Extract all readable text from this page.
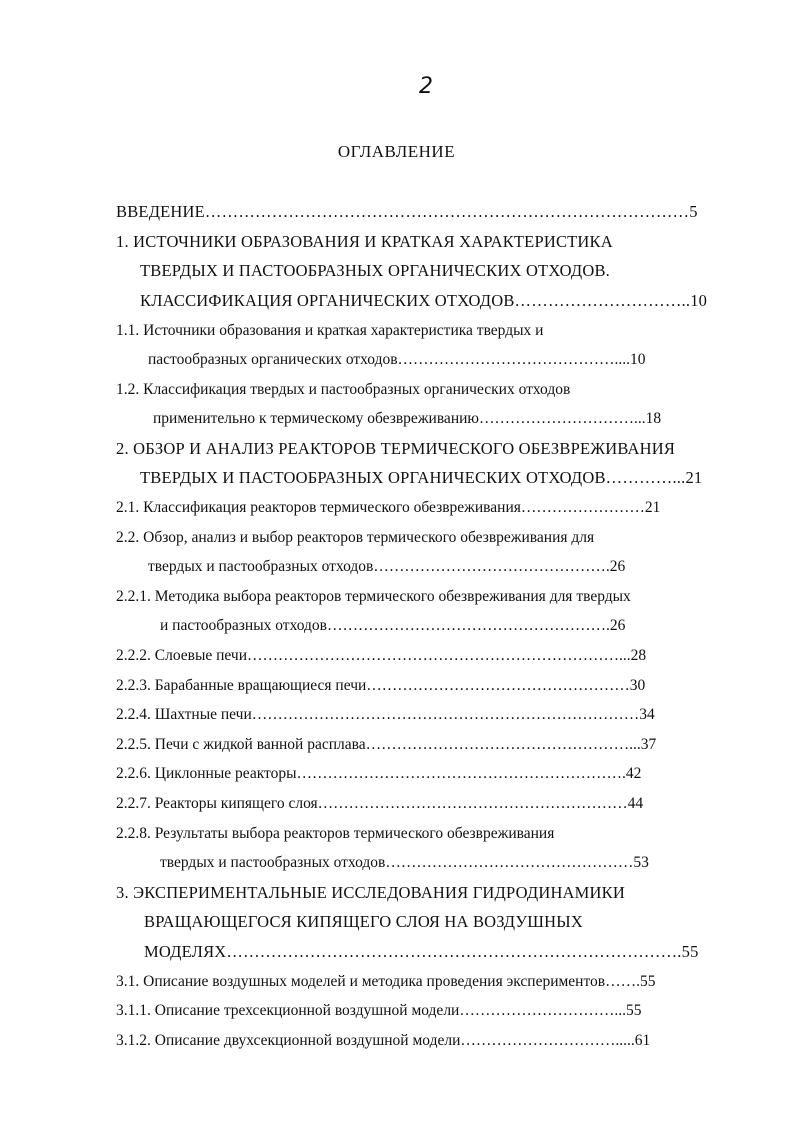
2
ОГЛАВЛЕНИЕ
ВВЕДЕНИЕ……………………………………………………………………………5
1. ИСТОЧНИКИ ОБРАЗОВАНИЯ И КРАТКАЯ ХАРАКТЕРИСТИКА
ТВЕРДЫХ И ПАСТООБРАЗНЫХ ОРГАНИЧЕСКИХ ОТХОДОВ.
КЛАССИФИКАЦИЯ ОРГАНИЧЕСКИХ ОТХОДОВ…………………………..10
1.1. Источники образования и краткая характеристика твердых и
пастообразных органических отходов……………………………………....10
1.2. Классификация твердых и пастообразных органических отходов
применительно к термическому обезвреживанию…………………………...18
2. ОБЗОР И АНАЛИЗ РЕАКТОРОВ ТЕРМИЧЕСКОГО ОБЕЗВРЕЖИВАНИЯ
ТВЕРДЫХ И ПАСТООБРАЗНЫХ ОРГАНИЧЕСКИХ ОТХОДОВ…………...21
2.1. Классификация реакторов термического обезвреживания……………………21
2.2. Обзор, анализ и выбор реакторов термического обезвреживания для
твердых и пастообразных отходов……………………………………….26
2.2.1. Методика выбора реакторов термического обезвреживания для твердых
и пастообразных отходов……………………………………………….26
2.2.2. Слоевые печи………………………………………………………………...28
2.2.3. Барабанные вращающиеся печи……………………………………………30
2.2.4. Шахтные печи…………………………………………………………………34
2.2.5. Печи с жидкой ванной расплава……………………………………………...37
2.2.6. Циклонные реакторы……………………………………………………….42
2.2.7. Реакторы кипящего слоя……………………………………………………44
2.2.8. Результаты выбора реакторов термического обезвреживания
твердых и пастообразных отходов…………………………………………53
3. ЭКСПЕРИМЕНТАЛЬНЫЕ ИССЛЕДОВАНИЯ ГИДРОДИНАМИКИ
ВРАЩАЮЩЕГОСЯ КИПЯЩЕГО СЛОЯ НА ВОЗДУШНЫХ
МОДЕЛЯХ……………………………………………………………………….55
3.1. Описание воздушных моделей и методика проведения экспериментов…….55
3.1.1. Описание трехсекционной воздушной модели…………………………...55
3.1.2. Описание двухсекционной воздушной модели………………………….....61
